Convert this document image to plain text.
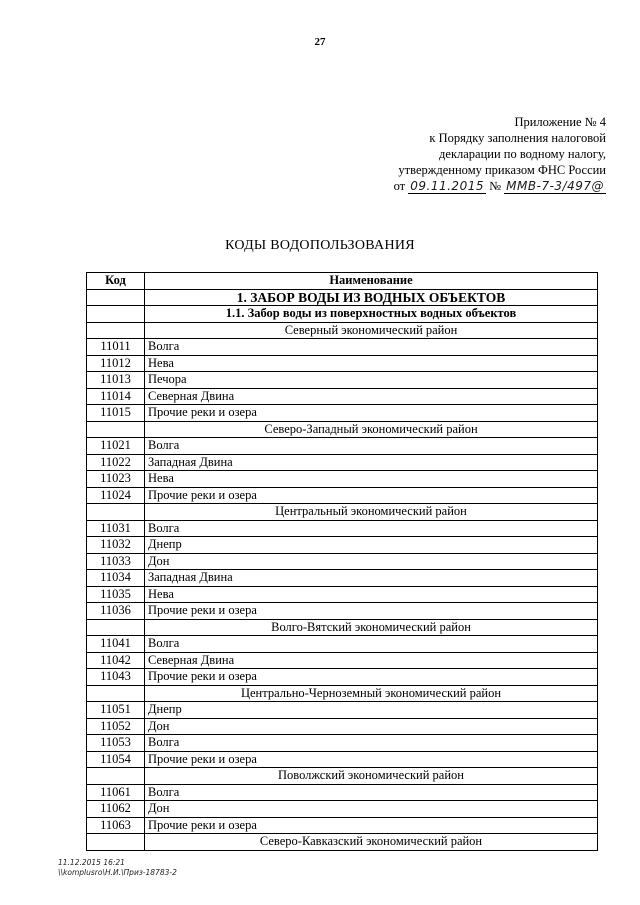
27
Приложение № 4
к Порядку заполнения налоговой
декларации по водному налогу,
утвержденному приказом ФНС России
от 09.11.2015 № ММВ-7-3/497@
КОДЫ ВОДОПОЛЬЗОВАНИЯ
Код	Наименование
	1. ЗАБОР ВОДЫ ИЗ ВОДНЫХ ОБЪЕКТОВ
	1.1. Забор воды из поверхностных водных объектов
	Северный экономический район
11011	Волга
11012	Нева
11013	Печора
11014	Северная Двина
11015	Прочие реки и озера
	Северо-Западный экономический район
11021	Волга
11022	Западная Двина
11023	Нева
11024	Прочие реки и озера
	Центральный экономический район
11031	Волга
11032	Днепр
11033	Дон
11034	Западная Двина
11035	Нева
11036	Прочие реки и озера
	Волго-Вятский экономический район
11041	Волга
11042	Северная Двина
11043	Прочие реки и озера
	Центрально-Черноземный экономический район
11051	Днепр
11052	Дон
11053	Волга
11054	Прочие реки и озера
	Поволжский экономический район
11061	Волга
11062	Дон
11063	Прочие реки и озера
	Северо-Кавказский экономический район
11.12.2015 16:21
\\komplusro\Н.И.\Приз-18783-2
